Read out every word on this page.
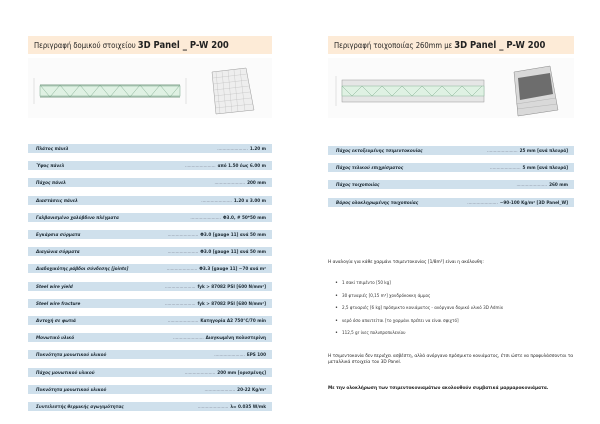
Περιγραφή δομικού στοιχείου 3D Panel _ P-W 200
Πλάτος πάνελ	....................... 1.20 m
Ύψος πάνελ	....................... από 1.50 έως 6.00 m
Πάχος πάνελ	....................... 200 mm
Διαστάσεις πάνελ	....................... 1.20 x 3.00 m
Γαλβανισμένο χαλύβδινο πλέγματα	....................... Φ3.0, # 50*50 mm
Εγκάρσια σύρματα	....................... Φ3.0 [gauge 11] ανά 50 mm
Διαγώνια σύρματα	....................... Φ3.0 [gauge 11] ανά 50 mm
Διαδοχικότης ράβδοι σύνδεσης [joints]	....................... Φ3.3 [gauge 11] ~70 ανά m²
Steel wire yield	....................... fyk > 87082 PSI [600 N/mm²]
Steel wire fracture	....................... fyk > 87082 PSI [680 N/mm²]
Αντοχή σε φωτιά	....................... Κατηγορία A2 750°C/70 min
Μονωτικό υλικό	....................... Διογκωμένη πολυστερίνη
Πυκνότητα μονωτικού υλικού	....................... EPS 100
Πάχος μονωτικού υλικού	....................... 200 mm [ορισμένης]
Πυκνότητα μονωτικού υλικού	....................... 20-22 Kg/m³
Συντελεστής θερμικής αγωγιμότητας	....................... λ= 0.035 W/mk
Περιγραφή τοιχοποιίας 260mm με 3D Panel _ P-W 200
Πάχος εκτοξευμένης τσιμεντοκονίας	....................... 25 mm [ανά πλευρά]
Πάχος τελικού επιχρίσματος	....................... 5 mm [ανά πλευρά]
Πάχος τοιχοποιίας	....................... 260 mm
Βάρος ολοκληρωμένης τοιχοποιίας	....................... ~90-100 Kg/m² [3D Panel_W]
Η αναλογία για κάθε χαρμάνι τσιμεντοκονίας [1/8m³] είναι η ακόλουθη:
• 1 σακί τσιμέντο [50 kg]
• 30 φτυαριές [0,15 m³] χονδρόκοκκη άμμος
• 2,5 φτυαριές [6 kg] πρόσμικτο κονιάματος - ανόργανο δομικό υλικό 3D Admix
• νερό όσο απαιτείται [το χαρμάνι πρέπει να είναι σφιχτό]
• 112,5 gr ίνες πολυπροπυλενίου
Η τσιμεντοκονία δεν περιέχει ασβέστη, αλλά ανόργανο πρόσμικτο κονιάματος, έτσι ώστε να προφυλάσσονται τα μεταλλικά στοιχεία του 3D Panel.
Με την ολοκλήρωση των τσιμεντοκονιαμάτων ακολουθούν συμβατικά μαρμαροκονιάματα.
